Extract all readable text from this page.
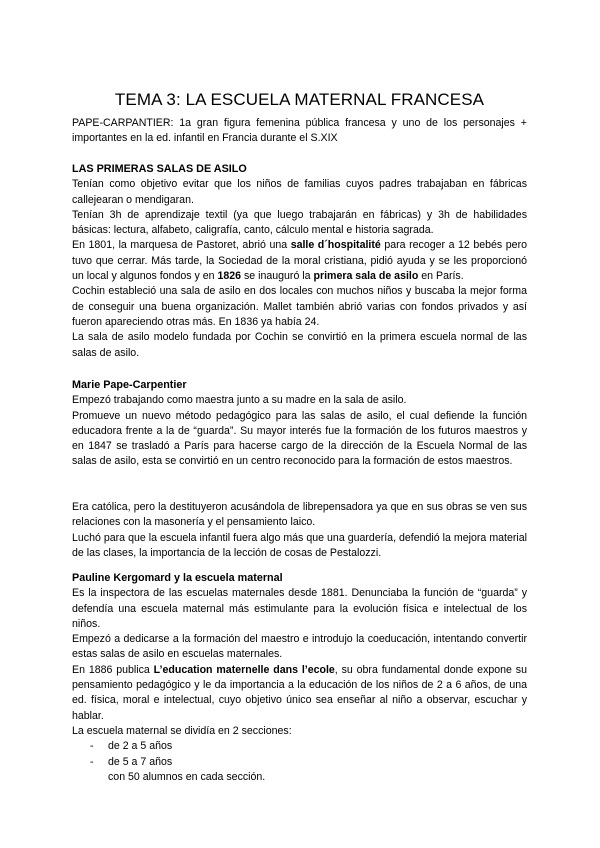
TEMA 3: LA ESCUELA MATERNAL FRANCESA

PAPE-CARPANTIER: 1a gran figura femenina pública francesa y uno de los personajes + importantes en la ed. infantil en Francia durante el S.XIX

LAS PRIMERAS SALAS DE ASILO

Tenían como objetivo evitar que los niños de familias cuyos padres trabajaban en fábricas callejearan o mendigaran.

Tenían 3h de aprendizaje textil (ya que luego trabajarán en fábricas) y 3h de habilidades básicas: lectura, alfabeto, caligrafía, canto, cálculo mental e historia sagrada.

En 1801, la marquesa de Pastoret, abrió una salle d´hospitalité para recoger a 12 bebés pero tuvo que cerrar. Más tarde, la Sociedad de la moral cristiana, pidió ayuda y se les proporcionó un local y algunos fondos y en 1826 se inauguró la primera sala de asilo en París.

Cochin estableció una sala de asilo en dos locales con muchos niños y buscaba la mejor forma de conseguir una buena organización. Mallet también abrió varias con fondos privados y así fueron apareciendo otras más. En 1836 ya había 24.

La sala de asilo modelo fundada por Cochin se convirtió en la primera escuela normal de las salas de asilo.

Marie Pape-Carpentier

Empezó trabajando como maestra junto a su madre en la sala de asilo.

Promueve un nuevo método pedagógico para las salas de asilo, el cual defiende la función educadora frente a la de “guarda”. Su mayor interés fue la formación de los futuros maestros y en 1847 se trasladó a París para hacerse cargo de la dirección de la Escuela Normal de las salas de asilo, esta se convirtió en un centro reconocido para la formación de estos maestros.

Era católica, pero la destituyeron acusándola de librepensadora ya que en sus obras se ven sus relaciones con la masonería y el pensamiento laico.

Luchó para que la escuela infantil fuera algo más que una guardería, defendió la mejora material de las clases, la importancia de la lección de cosas de Pestalozzi.

Pauline Kergomard y la escuela maternal

Es la inspectora de las escuelas maternales desde 1881. Denunciaba la función de “guarda” y defendía una escuela maternal más estimulante para la evolución física e intelectual de los niños.

Empezó a dedicarse a la formación del maestro e introdujo la coeducación, intentando convertir estas salas de asilo en escuelas maternales.

En 1886 publica L’education maternelle dans l’ecole, su obra fundamental donde expone su pensamiento pedagógico y le da importancia a la educación de los niños de 2 a 6 años, de una ed. física, moral e intelectual, cuyo objetivo único sea enseñar al niño a observar, escuchar y hablar.

La escuela maternal se dividía en 2 secciones:

- de 2 a 5 años
- de 5 a 7 años

con 50 alumnos en cada sección.
